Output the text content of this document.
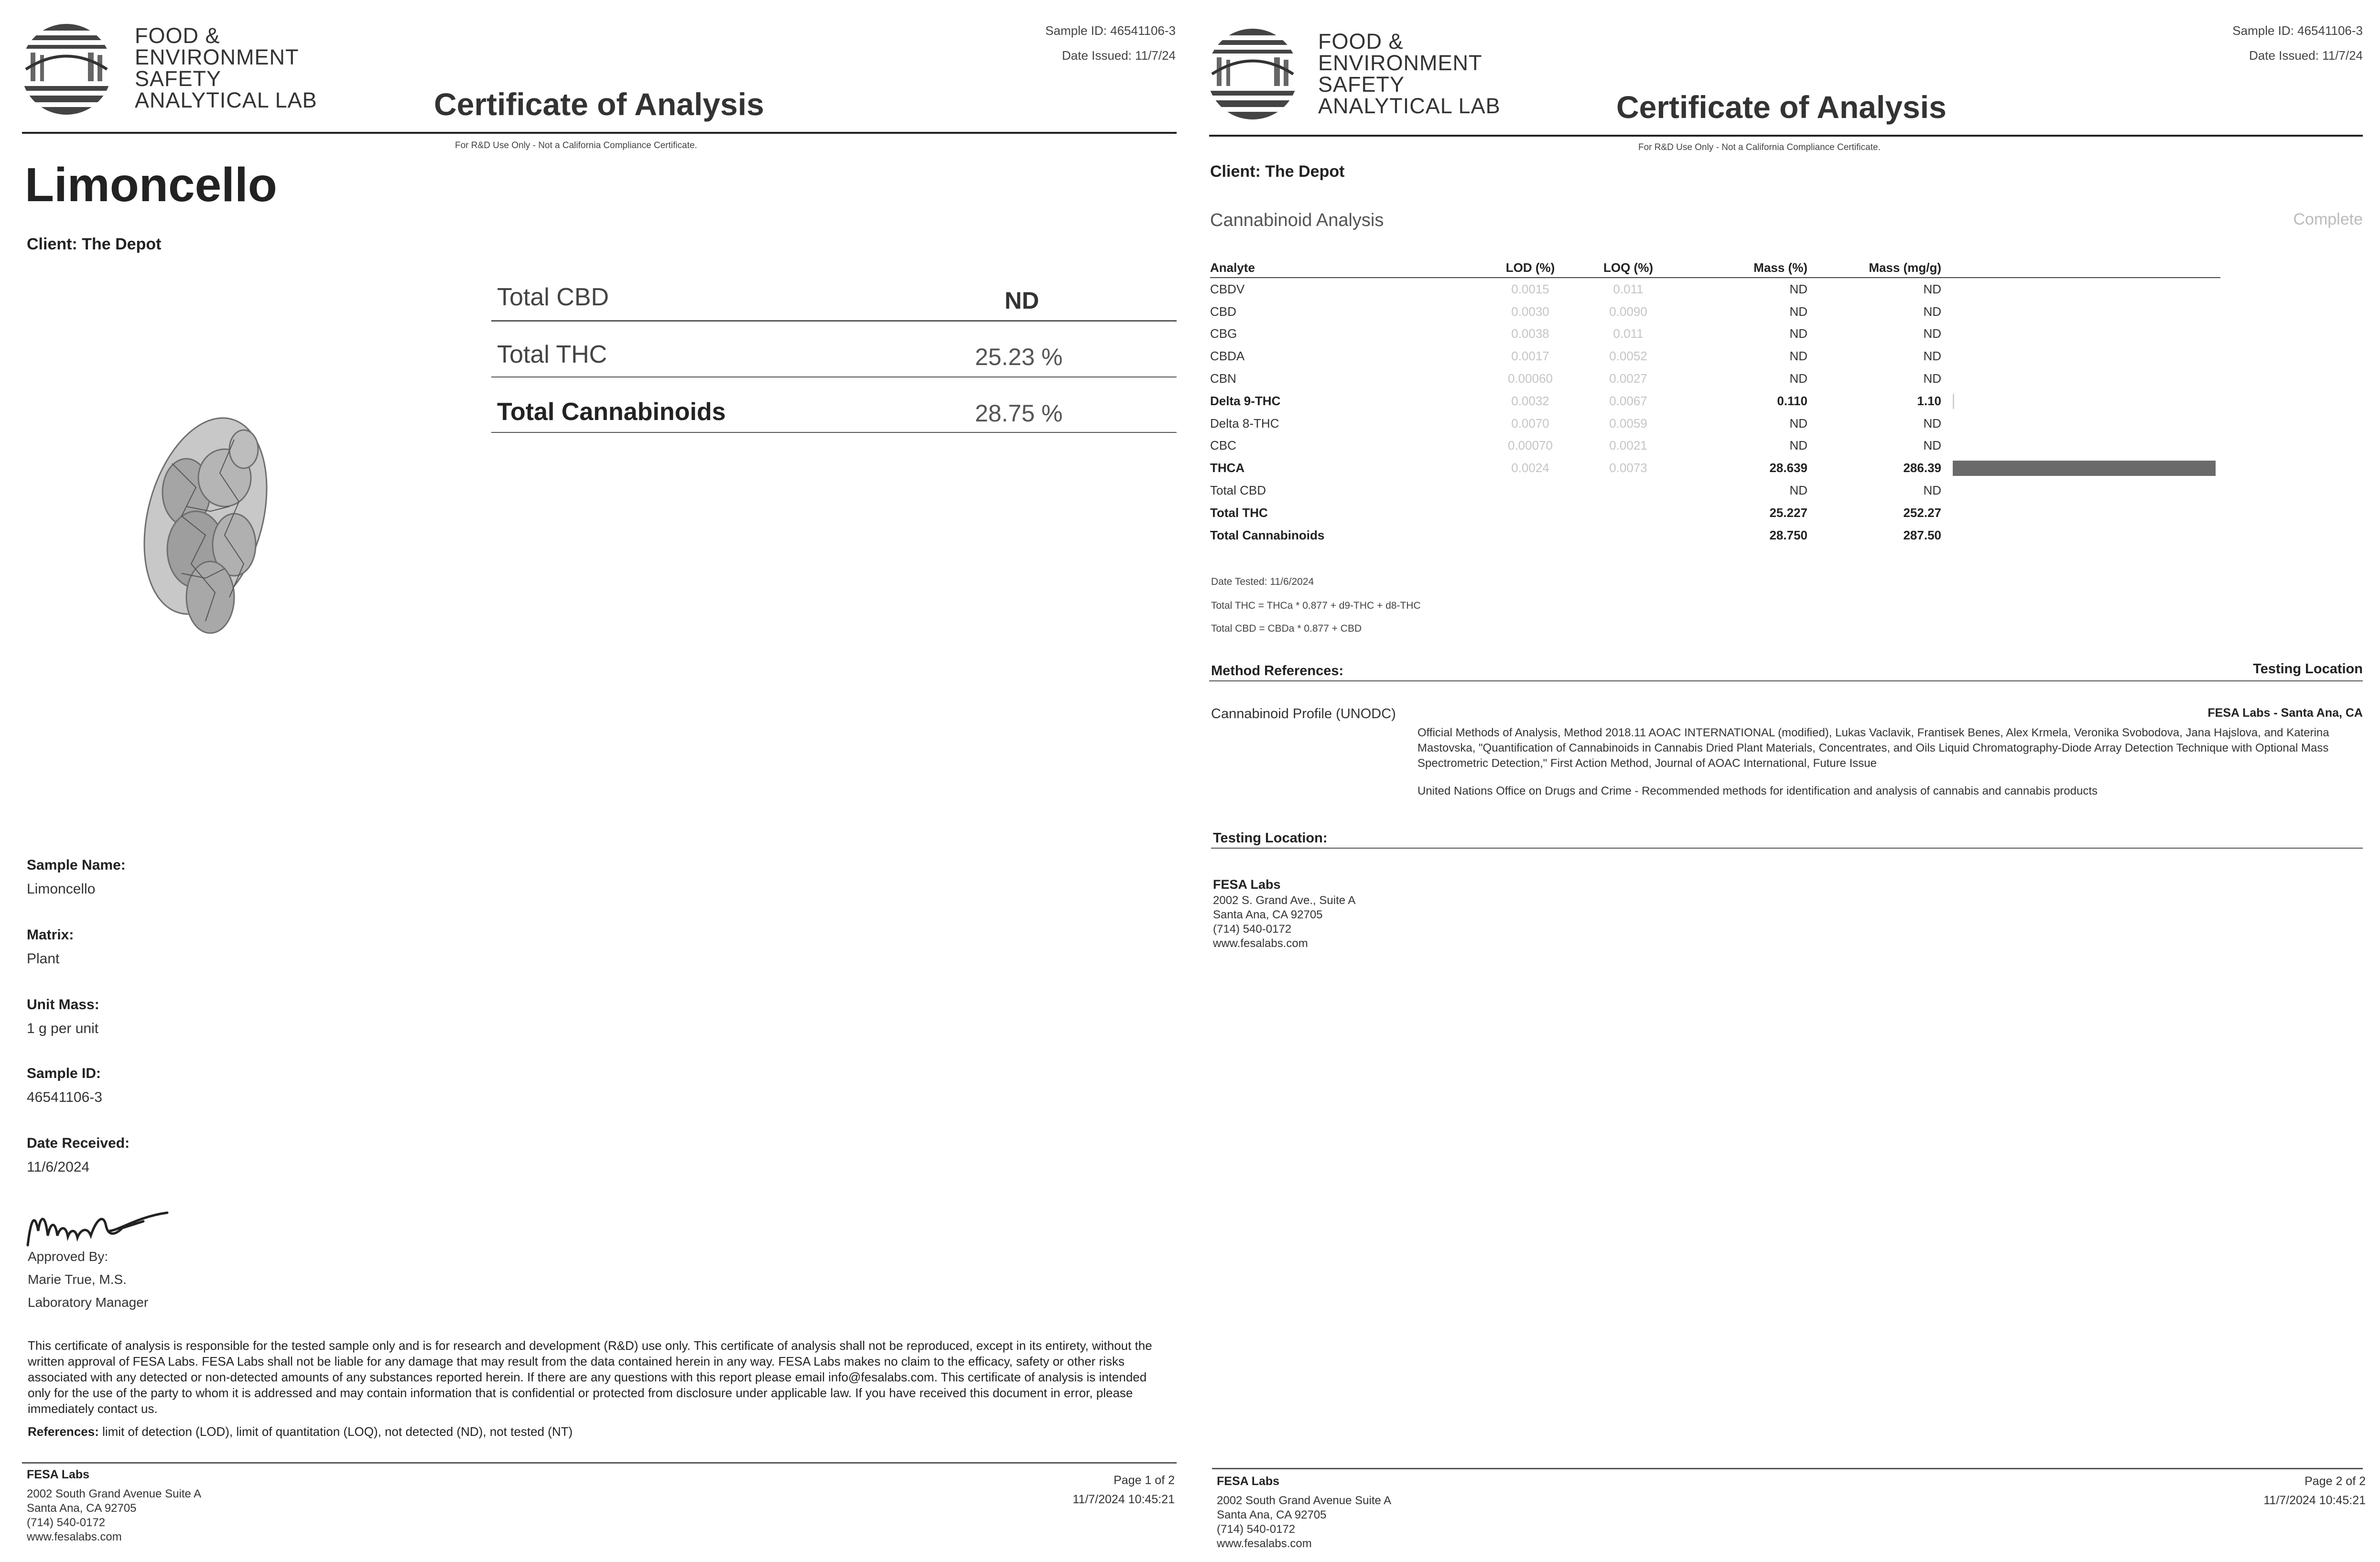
FOOD &
ENVIRONMENT
SAFETY
ANALYTICAL LAB
Sample ID: 46541106-3
Date Issued: 11/7/24
Certificate of Analysis
For R&D Use Only - Not a California Compliance Certificate.
Limoncello
Client: The Depot
Total CBD	ND
Total THC	25.23 %
Total Cannabinoids	28.75 %
Sample Name:
Limoncello
Matrix:
Plant
Unit Mass:
1 g per unit
Sample ID:
46541106-3
Date Received:
11/6/2024
Approved By:
Marie True, M.S.
Laboratory Manager
This certificate of analysis is responsible for the tested sample only and is for research and development (R&D) use only. This certificate of analysis shall not be reproduced, except in its entirety, without the written approval of FESA Labs. FESA Labs shall not be liable for any damage that may result from the data contained herein in any way. FESA Labs makes no claim to the efficacy, safety or other risks associated with any detected or non-detected amounts of any substances reported herein. If there are any questions with this report please email info@fesalabs.com. This certificate of analysis is intended only for the use of the party to whom it is addressed and may contain information that is confidential or protected from disclosure under applicable law. If you have received this document in error, please immediately contact us.
References: limit of detection (LOD), limit of quantitation (LOQ), not detected (ND), not tested (NT)
FESA Labs
2002 South Grand Avenue Suite A
Santa Ana, CA 92705
(714) 540-0172
www.fesalabs.com
Page 1 of 2
11/7/2024 10:45:21
FOOD &
ENVIRONMENT
SAFETY
ANALYTICAL LAB
Sample ID: 46541106-3
Date Issued: 11/7/24
Certificate of Analysis
For R&D Use Only - Not a California Compliance Certificate.
Client: The Depot
Cannabinoid Analysis	Complete
Analyte	LOD (%)	LOQ (%)	Mass (%)	Mass (mg/g)	
CBDV	0.0015	0.011	ND	ND	
CBD	0.0030	0.0090	ND	ND	
CBG	0.0038	0.011	ND	ND	
CBDA	0.0017	0.0052	ND	ND	
CBN	0.00060	0.0027	ND	ND	
Delta 9-THC	0.0032	0.0067	0.110	1.10	
Delta 8-THC	0.0070	0.0059	ND	ND	
CBC	0.00070	0.0021	ND	ND	
THCA	0.0024	0.0073	28.639	286.39	
Total CBD			ND	ND	
Total THC			25.227	252.27	
Total Cannabinoids			28.750	287.50	
Date Tested: 11/6/2024
Total THC = THCa * 0.877 + d9-THC + d8-THC
Total CBD = CBDa * 0.877 + CBD
Method References:	Testing Location
Cannabinoid Profile (UNODC)	FESA Labs - Santa Ana, CA
Official Methods of Analysis, Method 2018.11 AOAC INTERNATIONAL (modified), Lukas Vaclavik, Frantisek Benes, Alex Krmela, Veronika Svobodova, Jana Hajslova, and Katerina Mastovska, "Quantification of Cannabinoids in Cannabis Dried Plant Materials, Concentrates, and Oils Liquid Chromatography-Diode Array Detection Technique with Optional Mass Spectrometric Detection," First Action Method, Journal of AOAC International, Future Issue
United Nations Office on Drugs and Crime - Recommended methods for identification and analysis of cannabis and cannabis products
Testing Location:
FESA Labs
2002 S. Grand Ave., Suite A
Santa Ana, CA 92705
(714) 540-0172
www.fesalabs.com
FESA Labs
2002 South Grand Avenue Suite A
Santa Ana, CA 92705
(714) 540-0172
www.fesalabs.com
Page 2 of 2
11/7/2024 10:45:21
